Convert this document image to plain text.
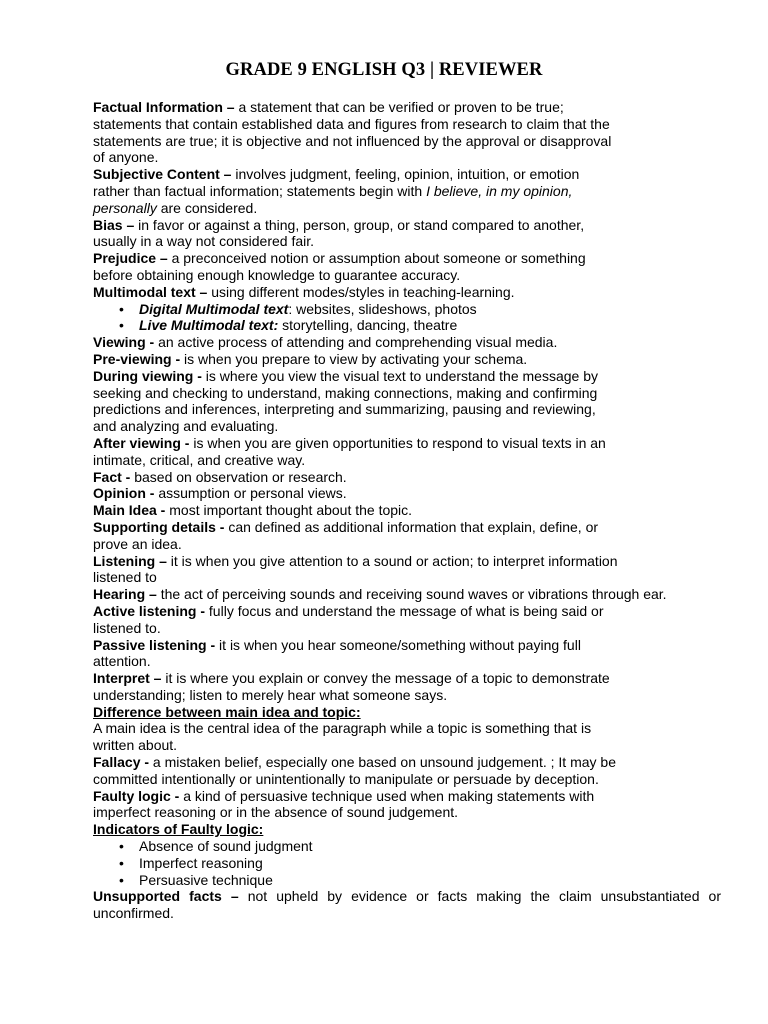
GRADE 9 ENGLISH Q3 | REVIEWER

Factual Information – a statement that can be verified or proven to be true;
statements that contain established data and figures from research to claim that the
statements are true; it is objective and not influenced by the approval or disapproval
of anyone.

Subjective Content – involves judgment, feeling, opinion, intuition, or emotion
rather than factual information; statements begin with I believe, in my opinion,
personally are considered.

Bias – in favor or against a thing, person, group, or stand compared to another,
usually in a way not considered fair.

Prejudice – a preconceived notion or assumption about someone or something
before obtaining enough knowledge to guarantee accuracy.

Multimodal text – using different modes/styles in teaching-learning.

•	Digital Multimodal text: websites, slideshows, photos
•	Live Multimodal text: storytelling, dancing, theatre

Viewing - an active process of attending and comprehending visual media.

Pre-viewing - is when you prepare to view by activating your schema.

During viewing - is where you view the visual text to understand the message by
seeking and checking to understand, making connections, making and confirming
predictions and inferences, interpreting and summarizing, pausing and reviewing,
and analyzing and evaluating.

After viewing - is when you are given opportunities to respond to visual texts in an
intimate, critical, and creative way.

Fact - based on observation or research.

Opinion - assumption or personal views.

Main Idea - most important thought about the topic.

Supporting details - can defined as additional information that explain, define, or
prove an idea.

Listening – it is when you give attention to a sound or action; to interpret information
listened to

Hearing – the act of perceiving sounds and receiving sound waves or vibrations through ear.

Active listening - fully focus and understand the message of what is being said or
listened to.

Passive listening - it is when you hear someone/something without paying full
attention.

Interpret – it is where you explain or convey the message of a topic to demonstrate
understanding; listen to merely hear what someone says.

Difference between main idea and topic:
A main idea is the central idea of the paragraph while a topic is something that is
written about.

Fallacy - a mistaken belief, especially one based on unsound judgement. ; It may be
committed intentionally or unintentionally to manipulate or persuade by deception.

Faulty logic - a kind of persuasive technique used when making statements with
imperfect reasoning or in the absence of sound judgement.

Indicators of Faulty logic:

•	Absence of sound judgment
•	Imperfect reasoning
•	Persuasive technique

Unsupported facts – not upheld by evidence or facts making the claim unsubstantiated or unconfirmed.
